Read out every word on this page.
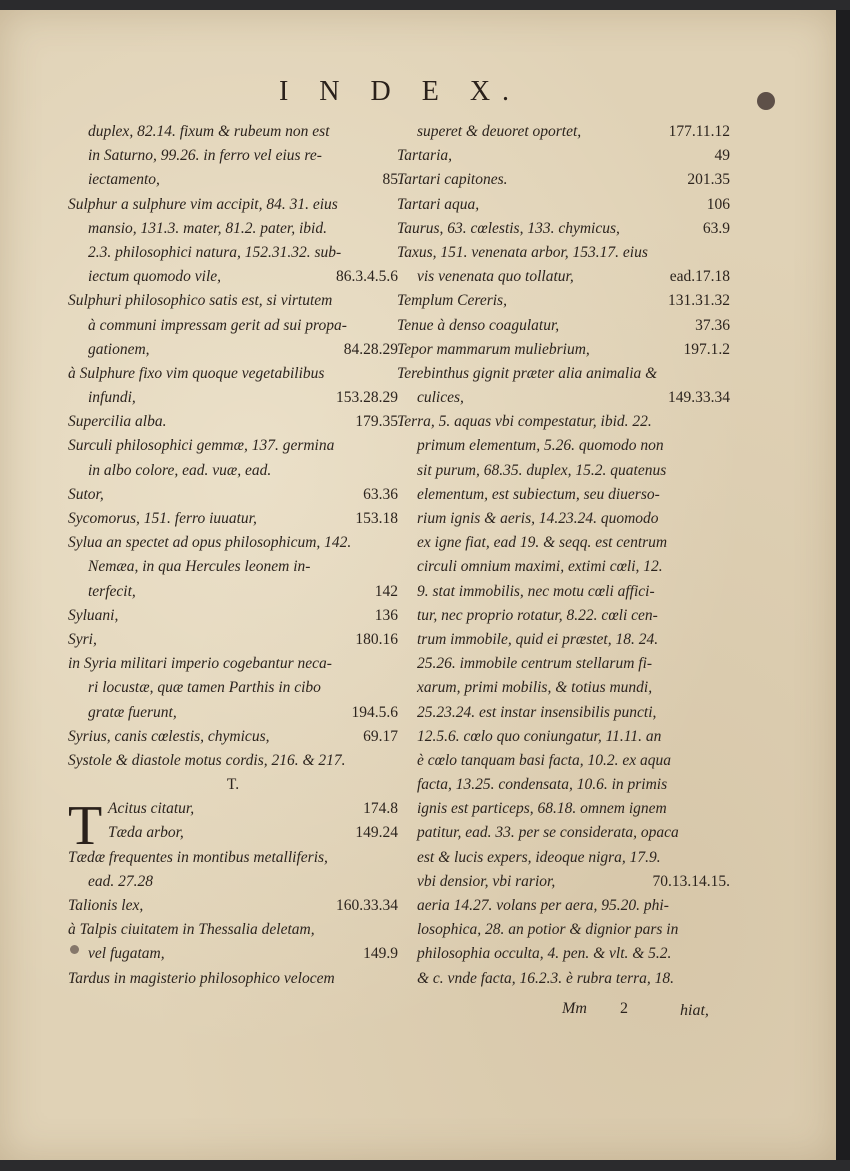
I N D E X.
duplex, 82.14. fixum & rubeum non est
in Saturno, 99.26. in ferro vel eius re-
iectamento,	85
Sulphur a sulphure vim accipit, 84. 31. eius
mansio, 131.3. mater, 81.2. pater, ibid.
2.3. philosophici natura, 152.31.32. sub-
iectum quomodo vile,	86.3.4.5.6
Sulphuri philosophico satis est, si virtutem
à communi impressam gerit ad sui propa-
gationem,	84.28.29
à Sulphure fixo vim quoque vegetabilibus
infundi,	153.28.29
Supercilia alba.	179.35
Surculi philosophici gemmæ, 137. germina
in albo colore, ead. vuæ, ead.
Sutor,	63.36
Sycomorus, 151. ferro iuuatur,	153.18
Sylua an spectet ad opus philosophicum, 142.
Nemæa, in qua Hercules leonem in-
terfecit,	142
Syluani,	136
Syri,	180.16
in Syria militari imperio cogebantur necа-
ri locustæ, quæ tamen Parthis in cibo
gratæ fuerunt,	194.5.6
Syrius, canis cœlestis, chymicus,	69.17
Systole & diastole motus cordis, 216. & 217.
T.
Acitus citatur,	174.8
Tæda arbor,	149.24
Tædæ frequentes in montibus metalliferis,
ead. 27.28
Talionis lex,	160.33.34
à Talpis ciuitatem in Thessalia deletam,
vel fugatam,	149.9
Tardus in magisterio philosophico velocem
superet & deuoret oportet,	177.11.12
Tartaria,	49
Tartari capitones.	201.35
Tartari aqua,	106
Taurus, 63. cœlestis, 133. chymicus,	63.9
Taxus, 151. venenata arbor, 153.17. eius
vis venenata quo tollatur,	ead.17.18
Templum Cereris,	131.31.32
Tenue à denso coagulatur,	37.36
Tepor mammarum muliebrium,	197.1.2
Terebinthus gignit præter alia animalia &
culices,	149.33.34
Terra, 5. aquas vbi compestatur, ibid. 22.
primum elementum, 5.26. quomodo non
sit purum, 68.35. duplex, 15.2. quatenus
elementum, est subiectum, seu diuerso-
rium ignis & aeris, 14.23.24. quomodo
ex igne fiat, ead 19. & seqq. est centrum
circuli omnium maximi, extimi cœli, 12.
9. stat immobilis, nec motu cœli affici-
tur, nec proprio rotatur, 8.22. cœli cen-
trum immobile, quid ei præstet, 18. 24.
25.26. immobile centrum stellarum fi-
xarum, primi mobilis, & totius mundi,
25.23.24. est instar insensibilis puncti,
12.5.6. cœlo quo coniungatur, 11.11. an
è cœlo tanquam basi facta, 10.2. ex aqua
facta, 13.25. condensata, 10.6. in primis
ignis est particeps, 68.18. omnem ignem
patitur, ead. 33. per se considerata, opaca
est & lucis expers, ideoque nigra, 17.9.
vbi densior, vbi rarior,	70.13.14.15.
aeria 14.27. volans per aera, 95.20. phi-
losophica, 28. an potior & dignior pars in
philosophia occulta, 4. pen. & vlt. & 5.2.
& c. vnde facta, 16.2.3. è rubra terra, 18.
T
Mm 2	hiat,
